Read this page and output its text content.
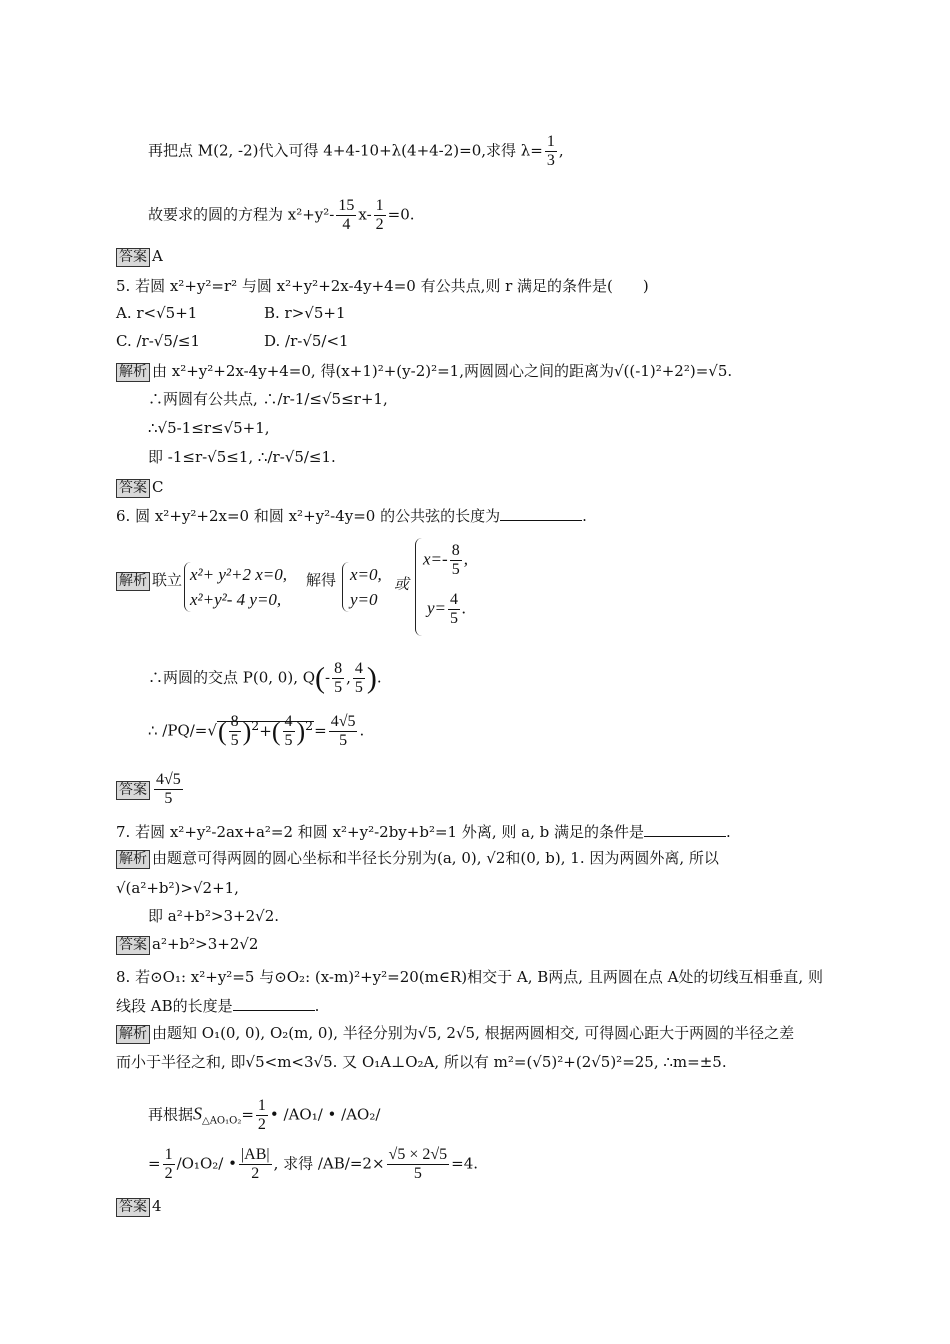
再把点 M(2, -2)代入可得 4+4-10+λ(4+4-2)=0,求得 $\lambda= \frac{1}{3}$ ,
故要求的圆的方程为 $x^2+y^2- \frac{15}{4} x- \frac{1}{2} =0$.
答案 A
5. 若圆 x²+y²=r² 与圆 x²+y²+2x-4y+4=0 有公共点,则 r 满足的条件是(　　)
A. r<√5+1	B. r>√5+1
C. /r-√5/≤1	D. /r-√5/<1
解析 由 x²+y²+2x-4y+4=0, 得(x+1)²+(y-2)²=1,两圆圆心之间的距离为√((-1)²+2²)=√5.
∴两圆有公共点, ∴/r-1/≤√5≤r+1,
∴√5-1≤r≤√5+1,
即 -1≤r-√5≤1, ∴/r-√5/≤1.
答案 C
6. 圆 x²+y²+2x=0 和圆 x²+y²-4y=0 的公共弦的长度为	.
解析 联立 x²+ y²+2 x=0,
x²+y²- 4 y=0,
解得 x=0,
y=0
或
$x=- \frac{8}{5}$ ,
$y= \frac{4}{5}$ .
∴两圆的交点 P(0, 0), $Q(- \frac{8}{5}$ , $\frac{4}{5}$ ).
∴ $/PQ/=√( \frac{8}{5} )^2+( \frac{4}{5} )^2= \frac{4√5}{5}$ .
答案 $\frac{4√5}{5}$
7. 若圆 x²+y²-2ax+a²=2 和圆 x²+y²-2by+b²=1 外离, 则 a, b 满足的条件是	.
解析 由题意可得两圆的圆心坐标和半径长分别为(a, 0), √2和(0, b), 1. 因为两圆外离, 所以
√(a²+b²)>√2+1,
即 a²+b²>3+2√2.
答案 a²+b²>3+2√2
8. 若⊙O₁: x²+y²=5 与⊙O₂: (x-m)²+y²=20(m∈R)相交于 A, B两点, 且两圆在点 A处的切线互相垂直, 则
线段 AB的长度是	.
解析 由题知 O₁(0, 0), O₂(m, 0), 半径分别为√5, 2√5, 根据两圆相交, 可得圆心距大于两圆的半径之差
而小于半径之和, 即√5<m<3√5. 又 O₁A⊥O₂A, 所以有 m²=(√5)²+(2√5)²=25, ∴m=±5.
再根据$S_{\triangle AO_1O_2}= \frac{1}{2}$ • /AO₁/ • /AO₂/
= $\frac{1}{2} /O_1O_2/$ • $\frac{|AB|}{2}$ , 求得 $/AB/=2\times \frac{√5 \times 2√5}{5} =4$.
答案 4
